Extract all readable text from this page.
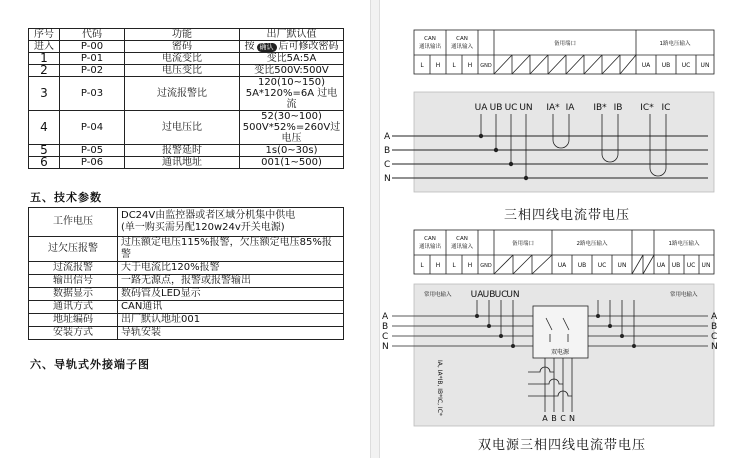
序号	代码	功能	出厂默认值
进入	P-00	密码	按 确认 后可修改密码
1	P-01	电流变比	变比5A:5A
2	P-02	电压变比	变比500V:500V
3	P-03	过流报警比	120(10~150)
5A*120%=6A 过电流

4	P-04	过电压比	52(30~100)
500V*52%=260V过电压

5	P-05	报警延时	1s(0~30s)
6	P-06	通讯地址	001(1~500)
五、技术参数
工作电压	DC24V由监控器或者区域分机集中供电
(单一购买需另配120w24v开关电源)

过欠压报警	过压额定电压115%报警，欠压额定电压85%报警
过流报警	大于电流比120%报警
输出信号	一路无源点，报警或报警输出
数据显示	数码管及LED显示
通讯方式	CAN通讯
地址编码	出厂默认地址001
安装方式	导轨安装
六、导轨式外接端子图
CAN
通讯输出
CAN
通讯输入	备用端口	1路电压输入
L H L H GND	UA UB UC UN
UA UB UC UN IA* IA IB* IB IC* IC
A
B
C
N
CAN
通讯输出
CAN
通讯输入	备用端口	2路电压输入	1路电压输入
L H L H GND	UA UB UC UN	UA UB UC UN
常用电输入	常用电输入
双电源
UA UB UC
UN
A
B
C
N
A
B
C
N
IA, IA*IB, IB*IC, IC*
A B C N
三相四线电流带电压
双电源三相四线电流带电压
